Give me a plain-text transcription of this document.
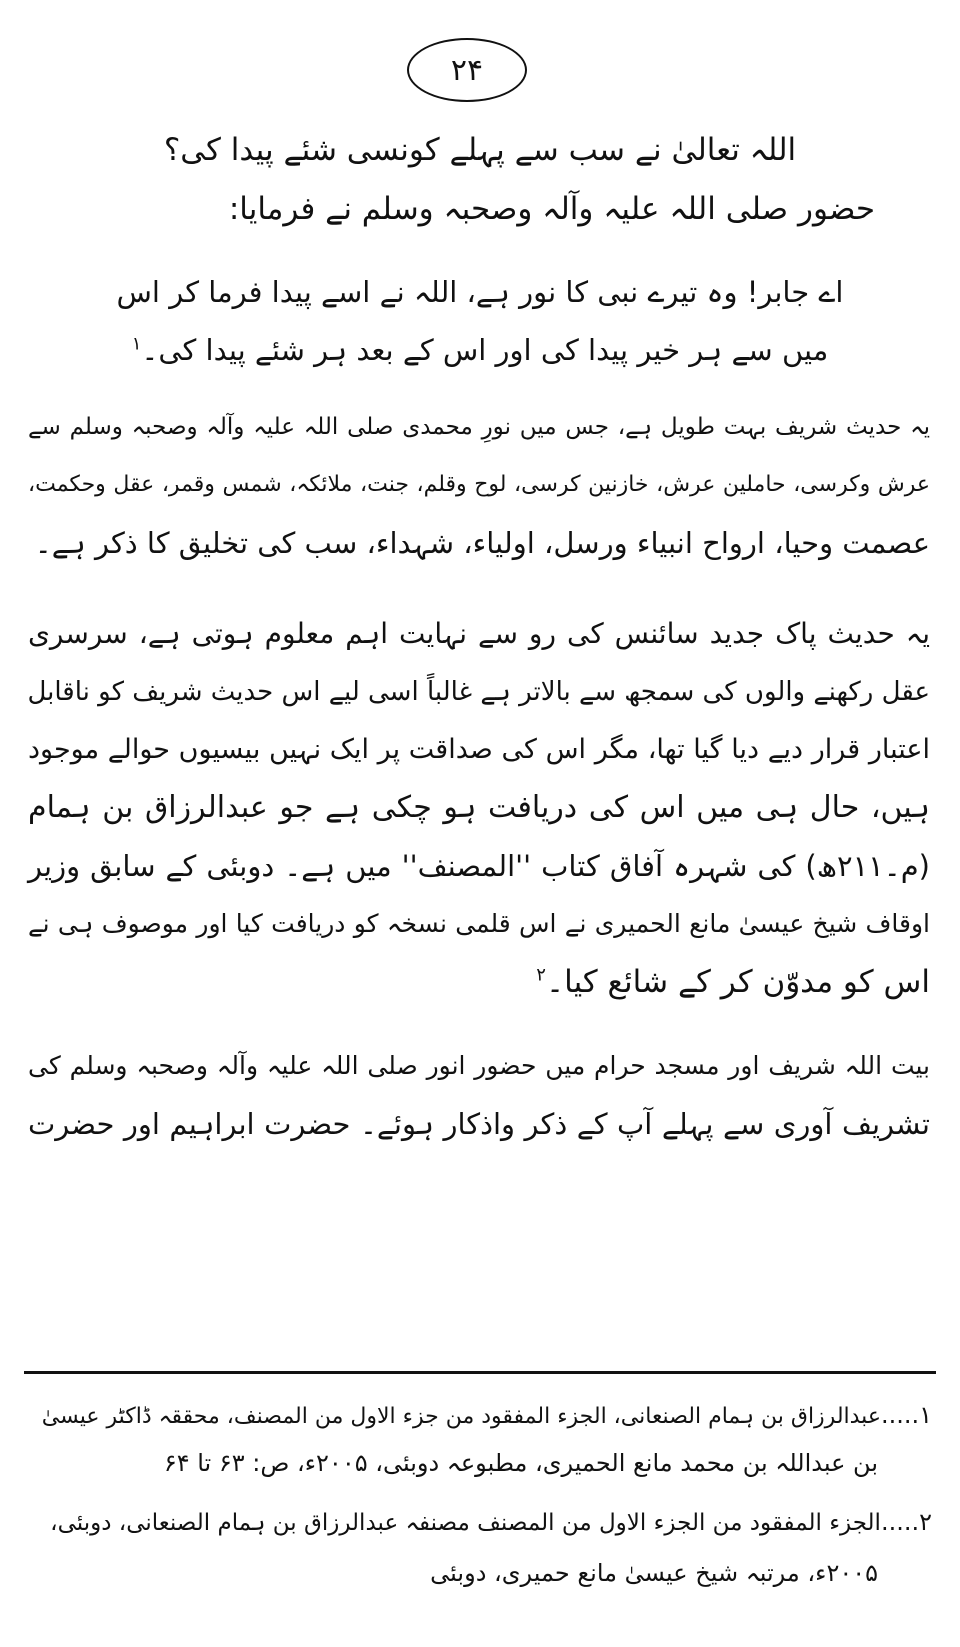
۲۴
اللہ تعالیٰ نے سب سے پہلے کونسی شئے پیدا کی؟
حضور صلی اللہ علیہ وآلہ وصحبہ وسلم نے فرمایا:
اے جابر! وہ تیرے نبی کا نور ہے، اللہ نے اسے پیدا فرما کر اس
میں سے ہر خیر پیدا کی اور اس کے بعد ہر شئے پیدا کی۔$^۱$
یہ حدیث شریف بہت طویل ہے، جس میں نورِ محمدی صلی اللہ علیہ وآلہ وصحبہ وسلم سے
عرش وکرسی، حاملین عرش، خازنین کرسی، لوح وقلم، جنت، ملائکہ، شمس وقمر، عقل وحکمت،
عصمت وحیا، ارواح انبیاء ورسل، اولیاء، شہداء، سب کی تخلیق کا ذکر ہے۔
یہ حدیث پاک جدید سائنس کی رو سے نہایت اہم معلوم ہوتی ہے، سرسری
عقل رکھنے والوں کی سمجھ سے بالاتر ہے غالباً اسی لیے اس حدیث شریف کو ناقابل
اعتبار قرار دیے دیا گیا تھا، مگر اس کی صداقت پر ایک نہیں بیسیوں حوالے موجود
ہیں، حال ہی میں اس کی دریافت ہو چکی ہے جو عبدالرزاق بن ہمام
(م۔۲۱۱ھ) کی شہرہ آفاق کتاب ''المصنف'' میں ہے۔ دوبئی کے سابق وزیر
اوقاف شیخ عیسیٰ مانع الحمیری نے اس قلمی نسخہ کو دریافت کیا اور موصوف ہی نے
اس کو مدوّن کر کے شائع کیا۔$^۲$
بیت اللہ شریف اور مسجد حرام میں حضور انور صلی اللہ علیہ وآلہ وصحبہ وسلم کی
تشریف آوری سے پہلے آپ کے ذکر واذکار ہوئے۔ حضرت ابراہیم اور حضرت
۱.....عبدالرزاق بن ہمام الصنعانی، الجزء المفقود من جزء الاول من المصنف، محققہ ڈاکٹر عیسیٰ
بن عبداللہ بن محمد مانع الحمیری، مطبوعہ دوبئی، ۲۰۰۵ء، ص: ۶۳ تا ۶۴
۲.....الجزء المفقود من الجزء الاول من المصنف مصنفہ عبدالرزاق بن ہمام الصنعانی، دوبئی،
۲۰۰۵ء، مرتبہ شیخ عیسیٰ مانع حمیری، دوبئی
